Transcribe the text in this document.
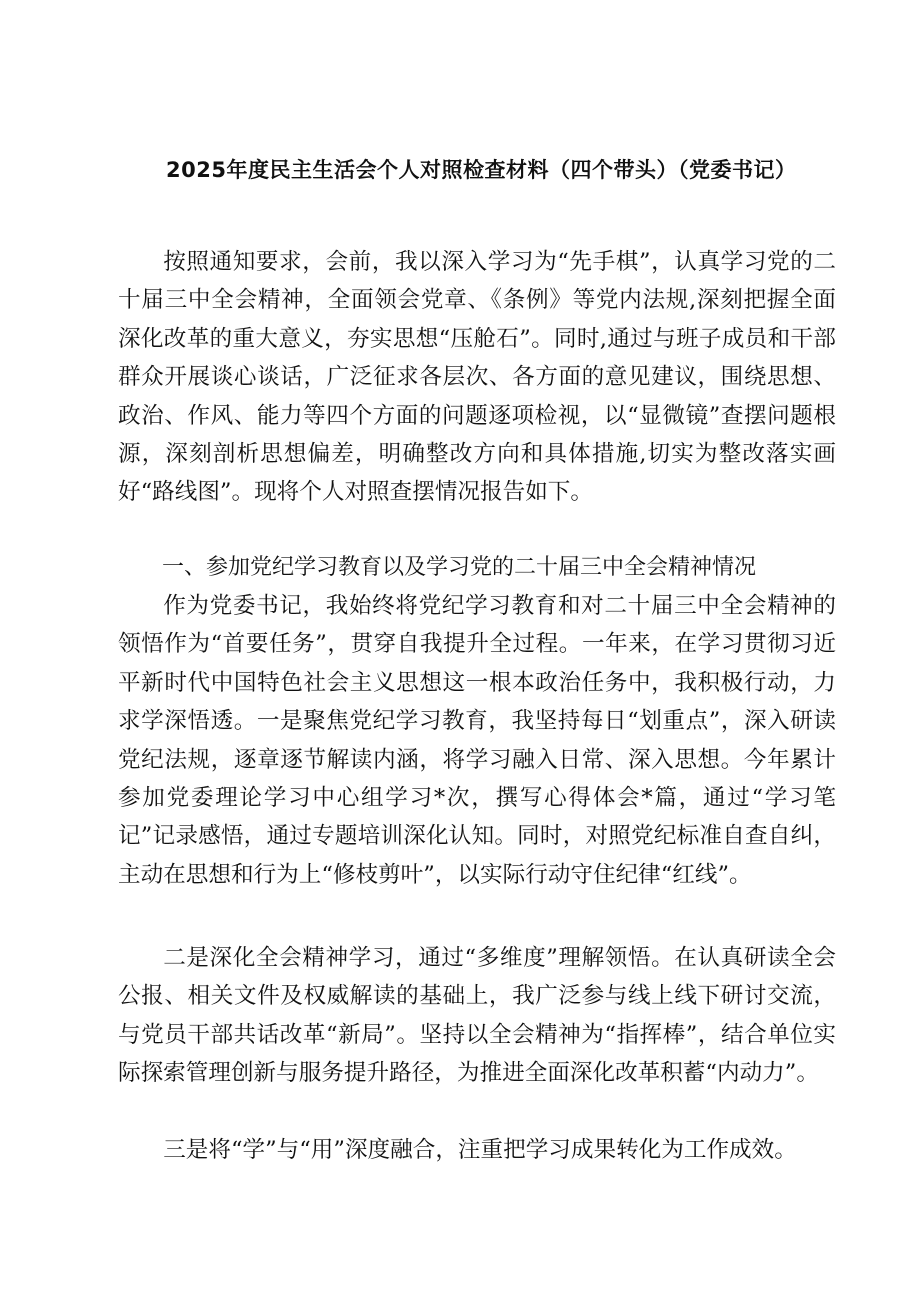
2025年度民主生活会个人对照检查材料（四个带头）（党委书记）

按照通知要求，会前，我以深入学习为“先手棋”，认真学习党的二十届三中全会精神，全面领会党章、《条例》等党内法规,深刻把握全面深化改革的重大意义，夯实思想“压舱石”。同时,通过与班子成员和干部群众开展谈心谈话，广泛征求各层次、各方面的意见建议，围绕思想、政治、作风、能力等四个方面的问题逐项检视，以“显微镜”查摆问题根源，深刻剖析思想偏差，明确整改方向和具体措施,切实为整改落实画好“路线图”。现将个人对照查摆情况报告如下。

一、参加党纪学习教育以及学习党的二十届三中全会精神情况

作为党委书记，我始终将党纪学习教育和对二十届三中全会精神的领悟作为“首要任务”，贯穿自我提升全过程。一年来，在学习贯彻习近平新时代中国特色社会主义思想这一根本政治任务中，我积极行动，力求学深悟透。一是聚焦党纪学习教育，我坚持每日“划重点”，深入研读党纪法规，逐章逐节解读内涵，将学习融入日常、深入思想。今年累计参加党委理论学习中心组学习*次，撰写心得体会*篇，通过“学习笔记”记录感悟，通过专题培训深化认知。同时，对照党纪标准自查自纠，主动在思想和行为上“修枝剪叶”，以实际行动守住纪律“红线”。

二是深化全会精神学习，通过“多维度”理解领悟。在认真研读全会公报、相关文件及权威解读的基础上，我广泛参与线上线下研讨交流，与党员干部共话改革“新局”。坚持以全会精神为“指挥棒”，结合单位实际探索管理创新与服务提升路径，为推进全面深化改革积蓄“内动力”。

三是将“学”与“用”深度融合，注重把学习成果转化为工作成效。
